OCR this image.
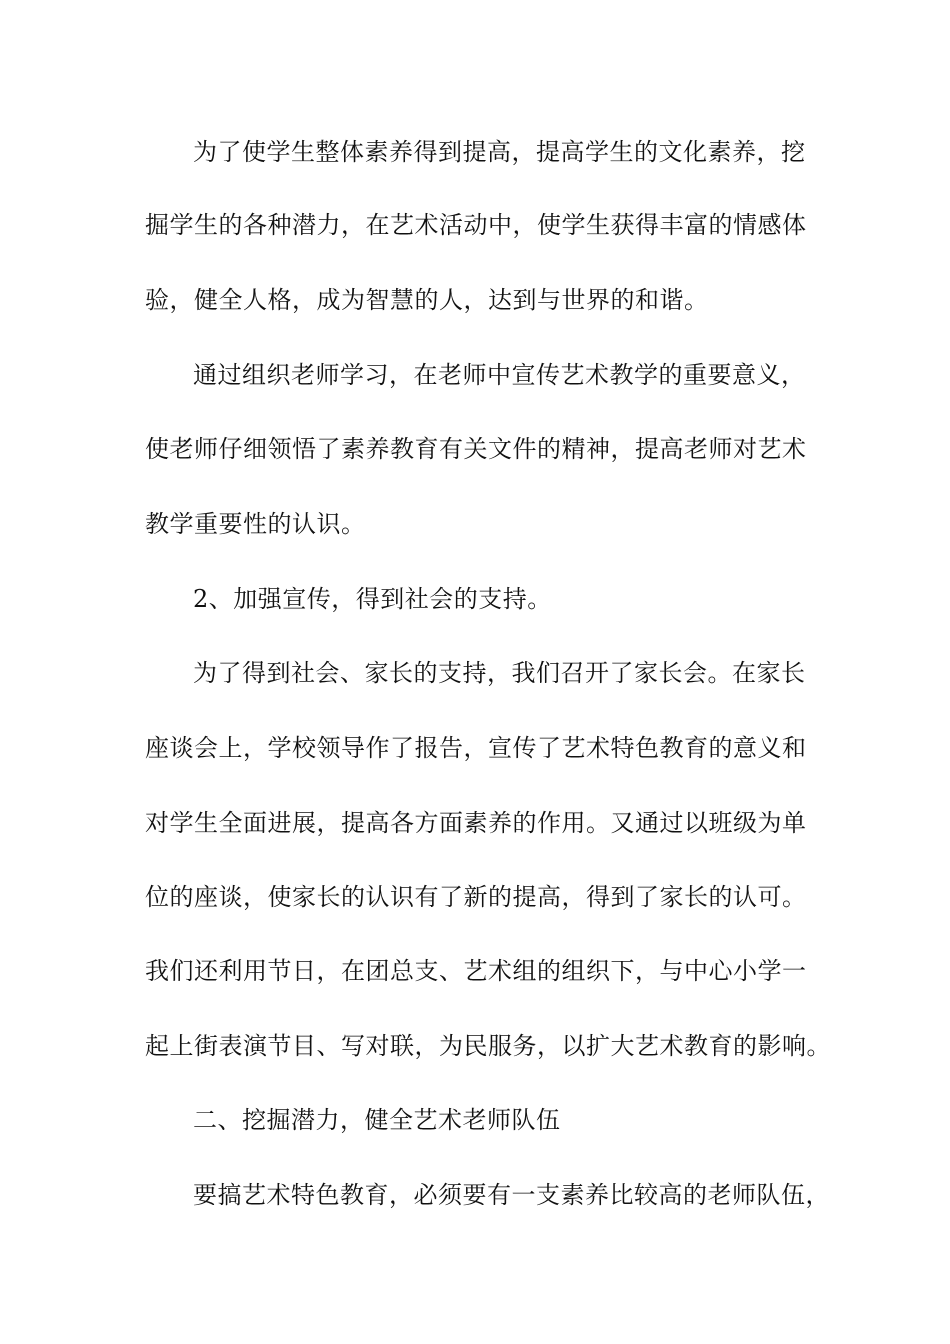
为了使学生整体素养得到提高，提高学生的文化素养，挖
掘学生的各种潜力，在艺术活动中，使学生获得丰富的情感体
验，健全人格，成为智慧的人，达到与世界的和谐。
通过组织老师学习，在老师中宣传艺术教学的重要意义，
使老师仔细领悟了素养教育有关文件的精神，提高老师对艺术
教学重要性的认识。
2、加强宣传，得到社会的支持。
为了得到社会、家长的支持，我们召开了家长会。在家长
座谈会上，学校领导作了报告，宣传了艺术特色教育的意义和
对学生全面进展，提高各方面素养的作用。又通过以班级为单
位的座谈，使家长的认识有了新的提高，得到了家长的认可。
我们还利用节日，在团总支、艺术组的组织下，与中心小学一
起上街表演节目、写对联，为民服务，以扩大艺术教育的影响。
二、挖掘潜力，健全艺术老师队伍
要搞艺术特色教育，必须要有一支素养比较高的老师队伍，
